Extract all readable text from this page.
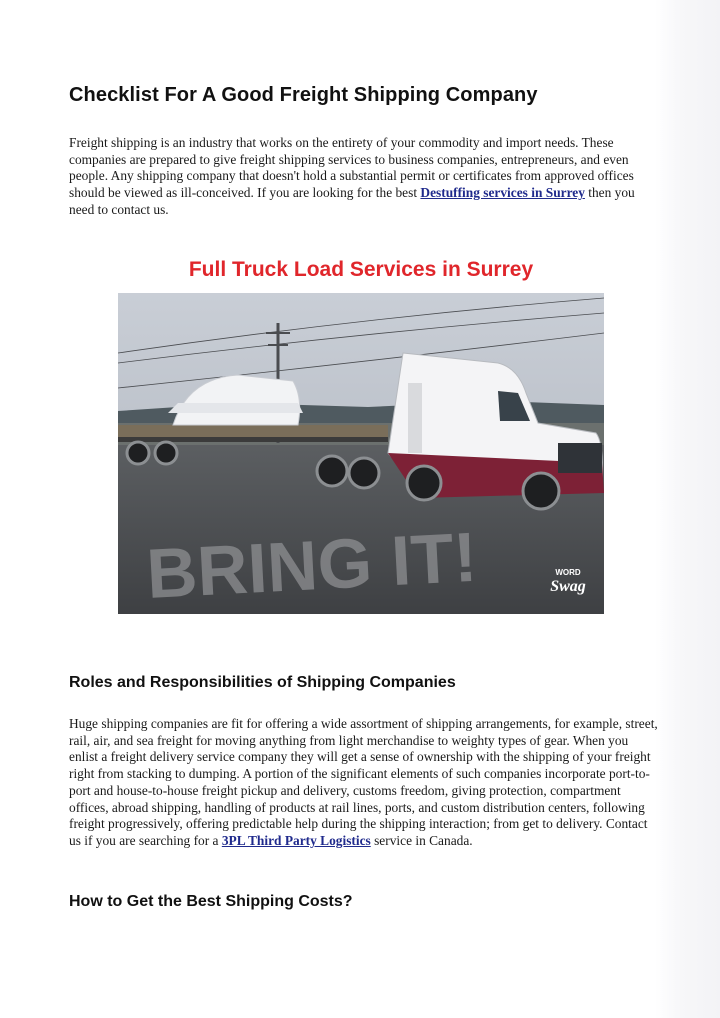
Checklist For A Good Freight Shipping Company

Freight shipping is an industry that works on the entirety of your commodity and import needs. These companies are prepared to give freight shipping services to business companies, entrepreneurs, and even people. Any shipping company that doesn't hold a substantial permit or certificates from approved offices should be viewed as ill-conceived. If you are looking for the best Destuffing services in Surrey then you need to contact us.

Full Truck Load Services in Surrey
BRING IT!	WORD
Swag
Roles and Responsibilities of Shipping Companies

Huge shipping companies are fit for offering a wide assortment of shipping arrangements, for example, street, rail, air, and sea freight for moving anything from light merchandise to weighty types of gear. When you enlist a freight delivery service company they will get a sense of ownership with the shipping of your freight right from stacking to dumping. A portion of the significant elements of such companies incorporate port-to-port and house-to-house freight pickup and delivery, customs freedom, giving protection, compartment offices, abroad shipping, handling of products at rail lines, ports, and custom distribution centers, following freight progressively, offering predictable help during the shipping interaction; from get to delivery. Contact us if you are searching for a 3PL Third Party Logistics service in Canada.

How to Get the Best Shipping Costs?
